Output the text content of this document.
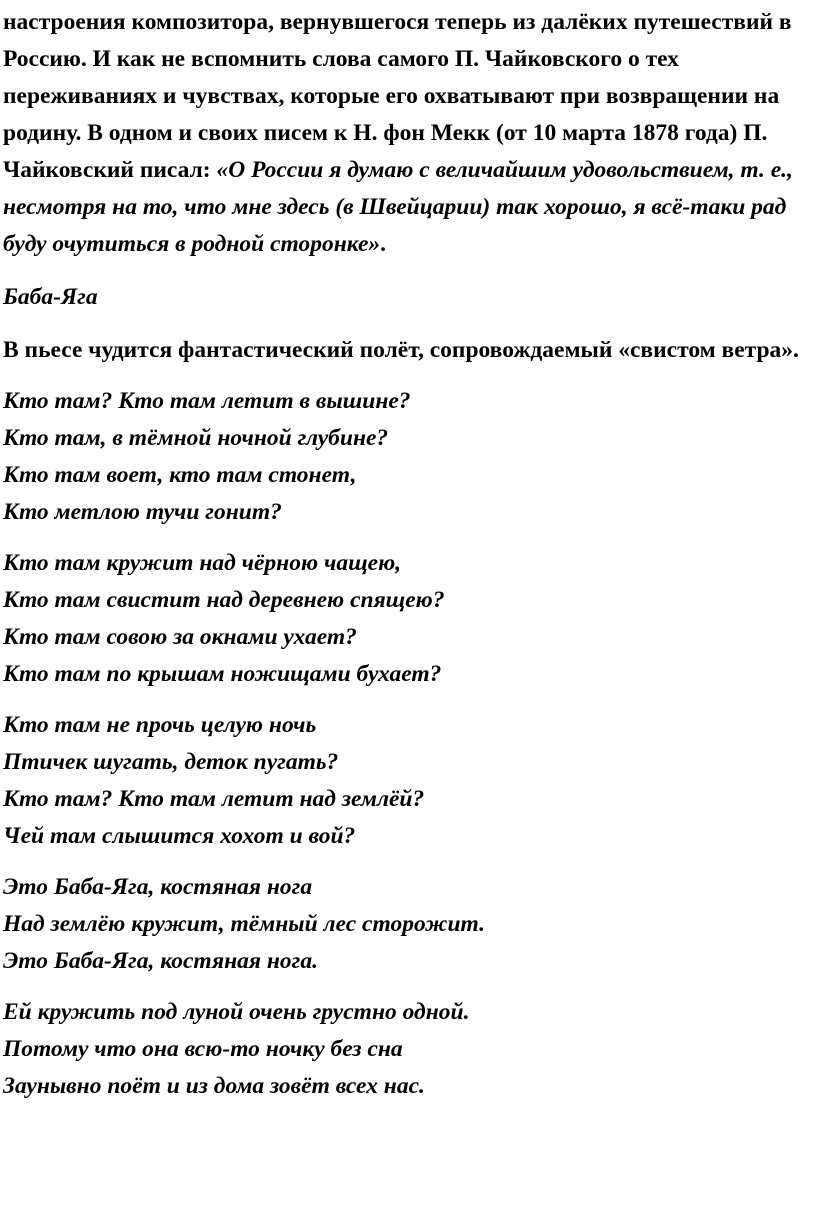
настроения композитора, вернувшегося теперь из далёких путешествий в Россию. И как не вспомнить слова самого П. Чайковского о тех переживаниях и чувствах, которые его охватывают при возвращении на родину. В одном и своих писем к Н. фон Мекк (от 10 марта 1878 года) П. Чайковский писал: «О России я думаю с величайшим удовольствием, т. е., несмотря на то, что мне здесь (в Швейцарии) так хорошо, я всё-таки рад буду очутиться в родной сторонке».

Баба-Яга

В пьесе чудится фантастический полёт, сопровождаемый «свистом ветра».

Кто там? Кто там летит в вышине?
Кто там, в тёмной ночной глубине?
Кто там воет, кто там стонет,
Кто метлою тучи гонит?
Кто там кружит над чёрною чащею,
Кто там свистит над деревнею спящею?
Кто там совою за окнами ухает?
Кто там по крышам ножищами бухает?
Кто там не прочь целую ночь
Птичек шугать, деток пугать?
Кто там? Кто там летит над землёй?
Чей там слышится хохот и вой?
Это Баба-Яга, костяная нога
Над землёю кружит, тёмный лес сторожит.
Это Баба-Яга, костяная нога.
Ей кружить под луной очень грустно одной.
Потому что она всю-то ночку без сна
Заунывно поёт и из дома зовёт всех нас.
